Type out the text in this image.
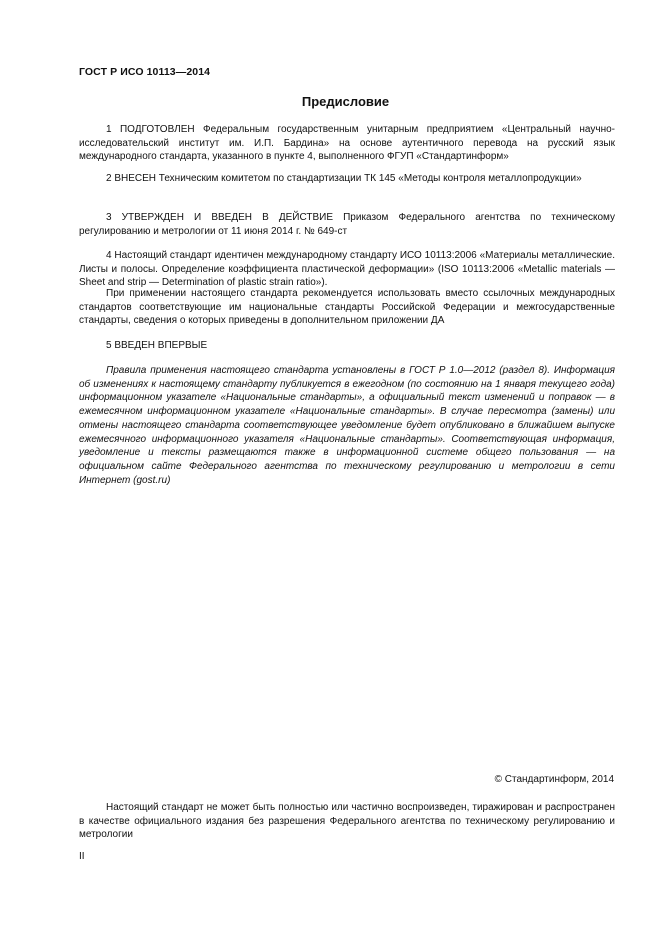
ГОСТ Р ИСО 10113—2014
Предисловие
1 ПОДГОТОВЛЕН Федеральным государственным унитарным предприятием «Центральный научно-исследовательский институт им. И.П. Бардина» на основе аутентичного перевода на русский язык международного стандарта, указанного в пункте 4, выполненного ФГУП «Стандартинформ»
2 ВНЕСЕН Техническим комитетом по стандартизации ТК 145 «Методы контроля металлопродукции»
3 УТВЕРЖДЕН И ВВЕДЕН В ДЕЙСТВИЕ Приказом Федерального агентства по техническому регулированию и метрологии от 11 июня 2014 г. № 649-ст
4 Настоящий стандарт идентичен международному стандарту ИСО 10113:2006 «Материалы металлические. Листы и полосы. Определение коэффициента пластической деформации» (ISO 10113:2006 «Metallic materials — Sheet and strip — Determination of plastic strain ratio»).
При применении настоящего стандарта рекомендуется использовать вместо ссылочных международных стандартов соответствующие им национальные стандарты Российской Федерации и межгосударственные стандарты, сведения о которых приведены в дополнительном приложении ДА
5 ВВЕДЕН ВПЕРВЫЕ
Правила применения настоящего стандарта установлены в ГОСТ Р 1.0—2012 (раздел 8). Информация об изменениях к настоящему стандарту публикуется в ежегодном (по состоянию на 1 января текущего года) информационном указателе «Национальные стандарты», а официальный текст изменений и поправок — в ежемесячном информационном указателе «Национальные стандарты». В случае пересмотра (замены) или отмены настоящего стандарта соответствующее уведомление будет опубликовано в ближайшем выпуске ежемесячного информационного указателя «Национальные стандарты». Соответствующая информация, уведомление и тексты размещаются также в информационной системе общего пользования — на официальном сайте Федерального агентства по техническому регулированию и метрологии в сети Интернет (gost.ru)
© Стандартинформ, 2014
Настоящий стандарт не может быть полностью или частично воспроизведен, тиражирован и распространен в качестве официального издания без разрешения Федерального агентства по техническому регулированию и метрологии
II
